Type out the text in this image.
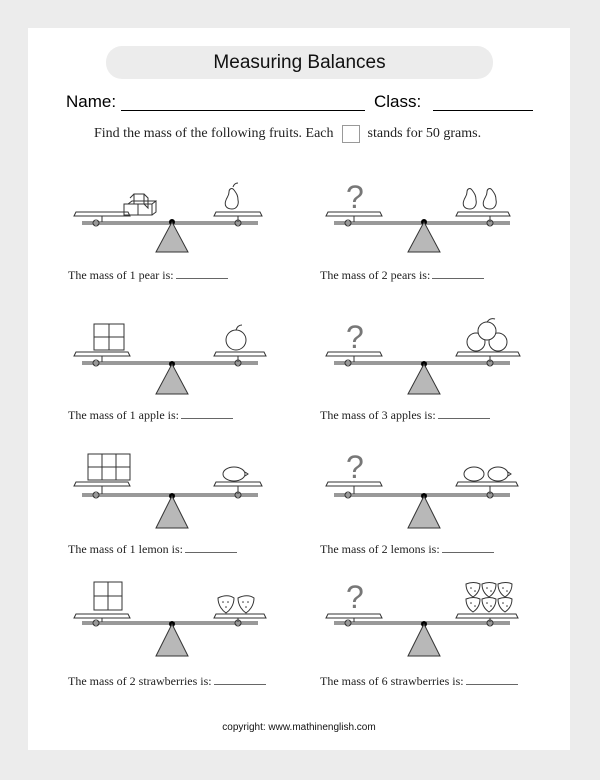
Measuring Balances
Name:	Class:
Find the mass of the following fruits. Each stands for 50 grams.
The mass of 1 pear is:
?
The mass of 2 pears is:
The mass of 1 apple is:
?
The mass of 3 apples is:
The mass of 1 lemon is:
?
The mass of 2 lemons is:
The mass of 2 strawberries is:
?
The mass of 6 strawberries is:
copyright: www.mathinenglish.com
